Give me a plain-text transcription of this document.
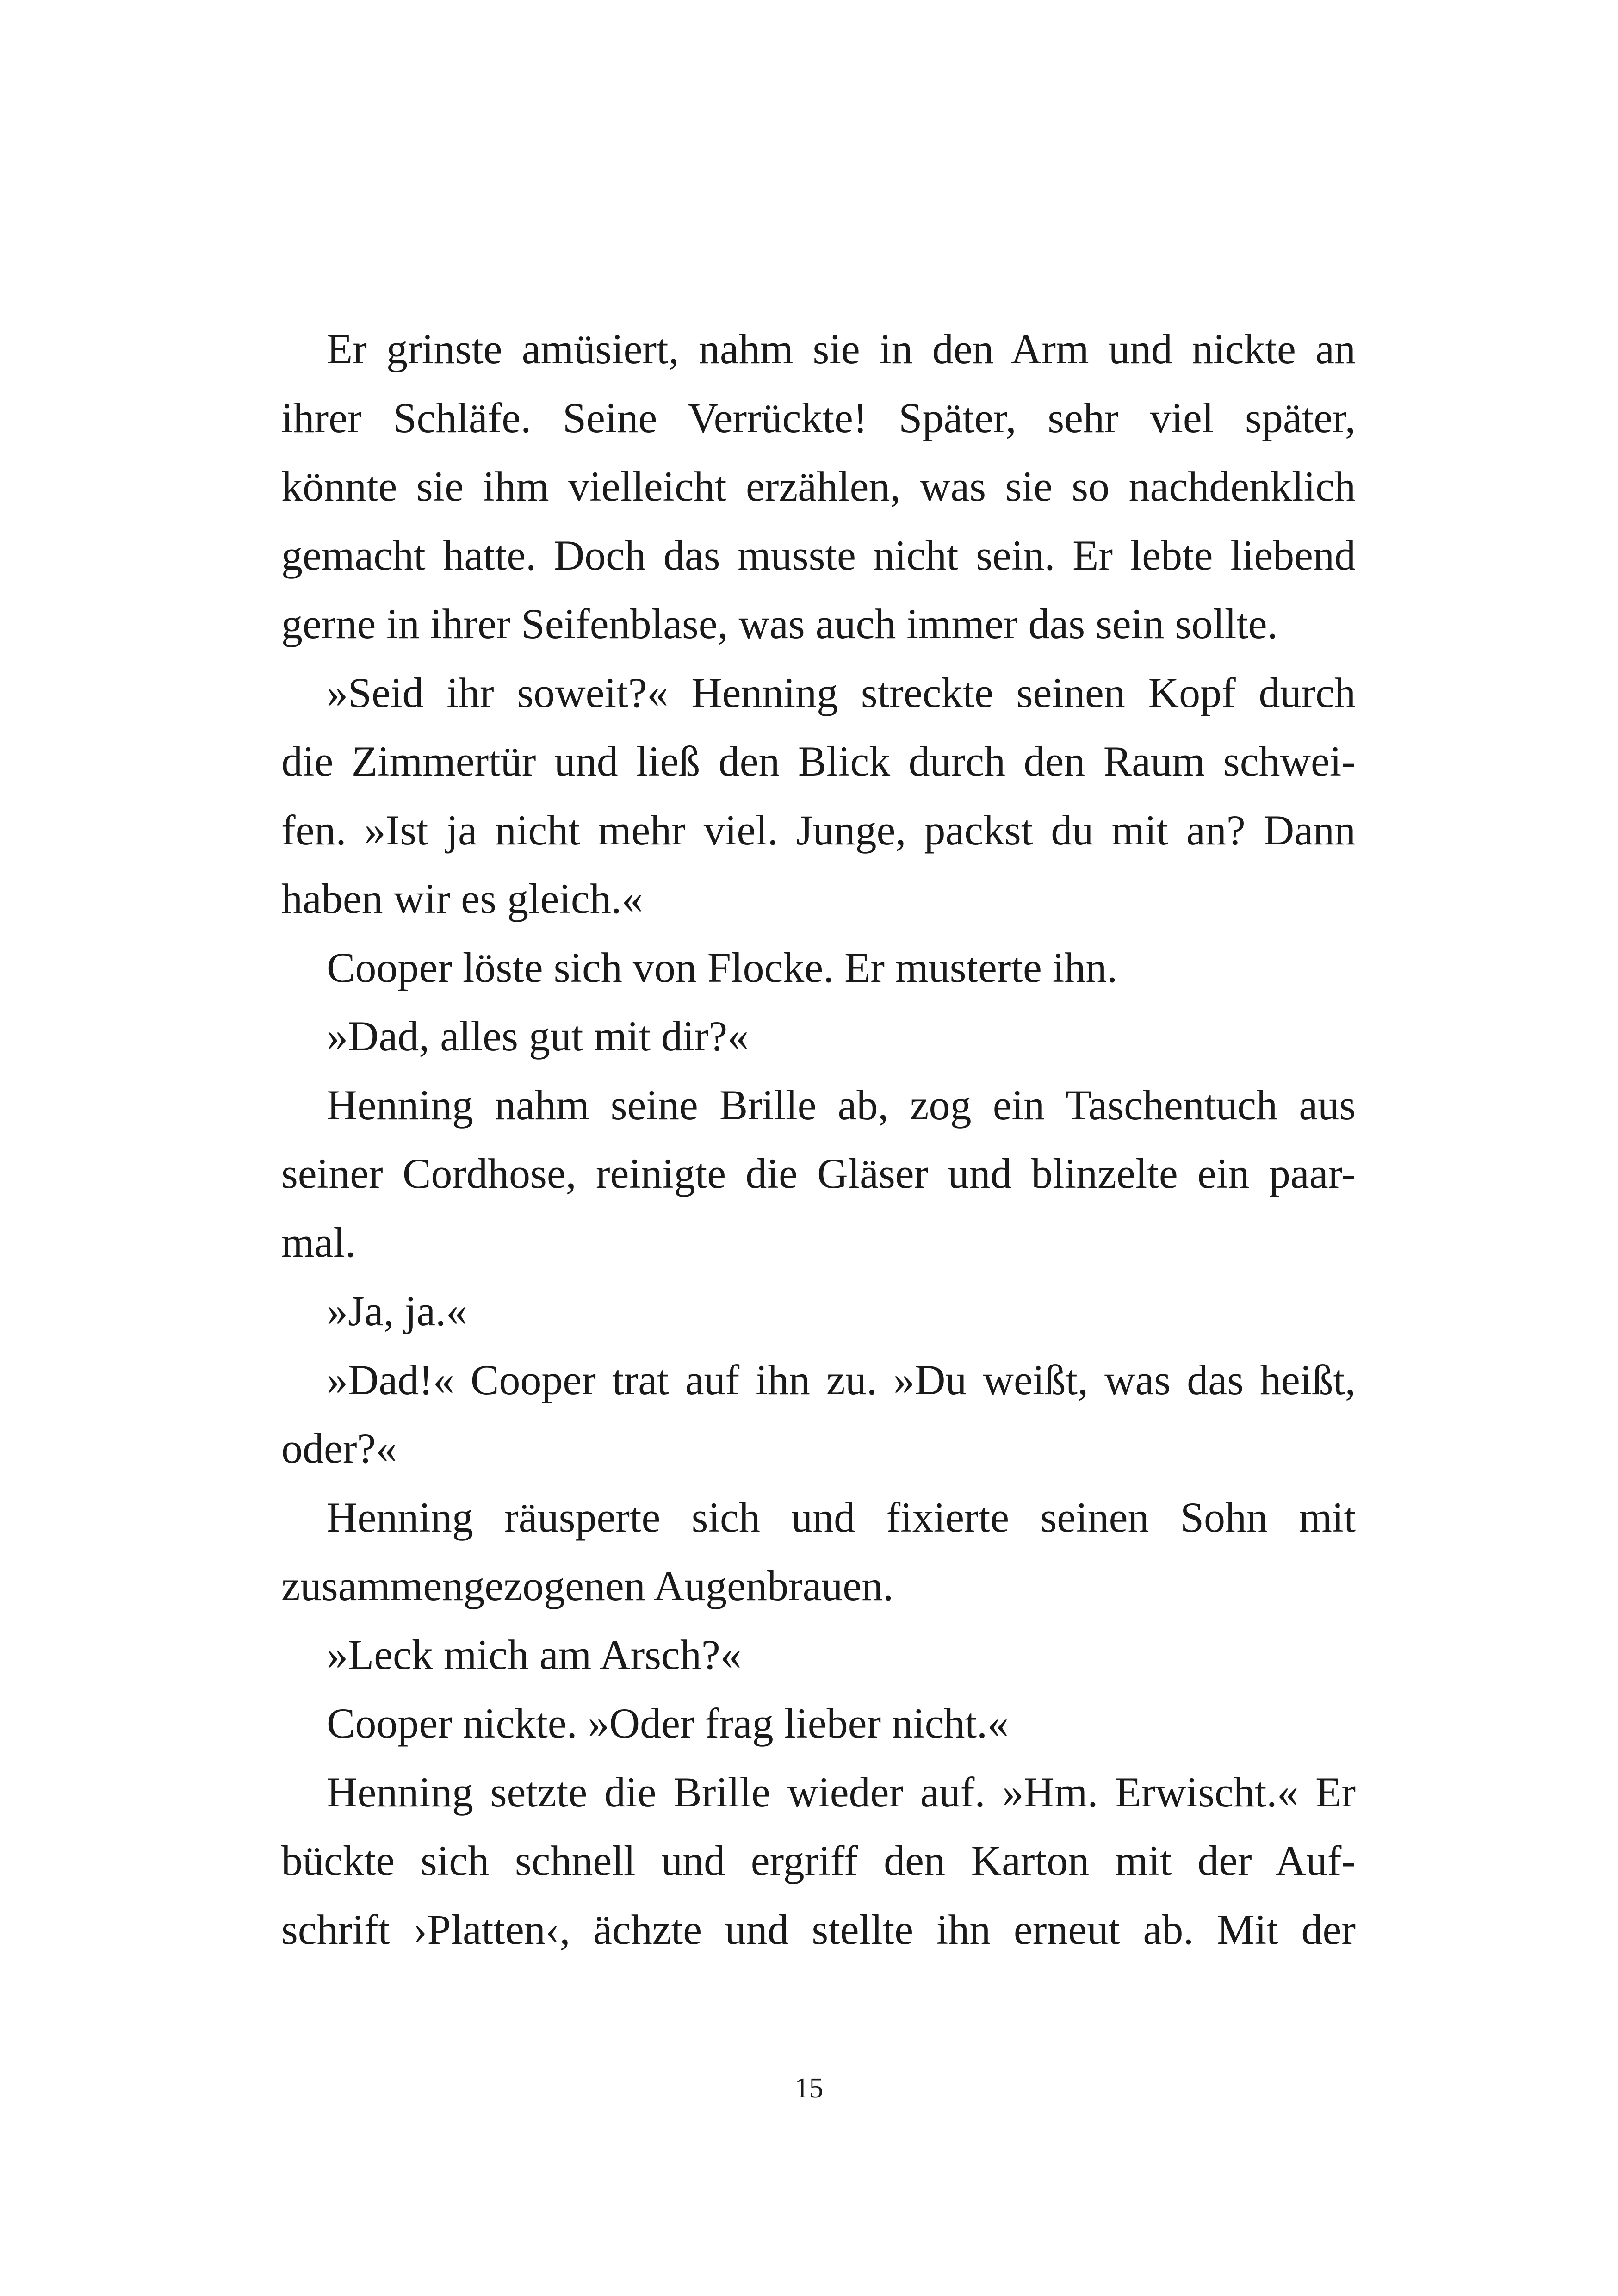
Er grinste amüsiert, nahm sie in den Arm und nickte an
ihrer Schläfe. Seine Verrückte! Später, sehr viel später,
könnte sie ihm vielleicht erzählen, was sie so nachdenklich
gemacht hatte. Doch das musste nicht sein. Er lebte liebend
gerne in ihrer Seifenblase, was auch immer das sein sollte.
»Seid ihr soweit?« Henning streckte seinen Kopf durch
die Zimmertür und ließ den Blick durch den Raum schwei-
fen. »Ist ja nicht mehr viel. Junge, packst du mit an? Dann
haben wir es gleich.«
Cooper löste sich von Flocke. Er musterte ihn.
»Dad, alles gut mit dir?«
Henning nahm seine Brille ab, zog ein Taschentuch aus
seiner Cordhose, reinigte die Gläser und blinzelte ein paar-
mal.
»Ja, ja.«
»Dad!« Cooper trat auf ihn zu. »Du weißt, was das heißt,
oder?«
Henning räusperte sich und fixierte seinen Sohn mit
zusammengezogenen Augenbrauen.
»Leck mich am Arsch?«
Cooper nickte. »Oder frag lieber nicht.«
Henning setzte die Brille wieder auf. »Hm. Erwischt.« Er
bückte sich schnell und ergriff den Karton mit der Auf-
schrift ›Platten‹, ächzte und stellte ihn erneut ab. Mit der
15
